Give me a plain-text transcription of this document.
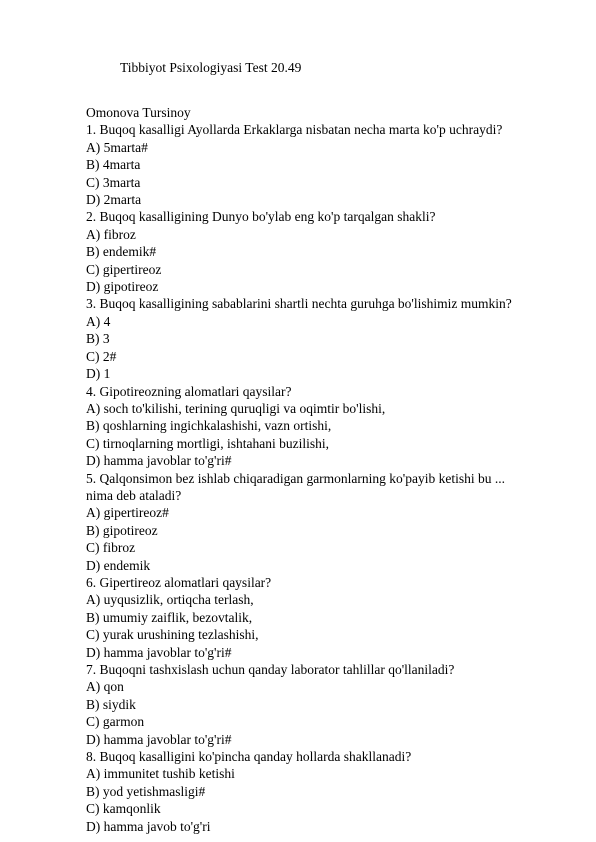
Tibbiyot Psixologiyasi Test 20.49
Omonova Tursinoy
1. Buqoq kasalligi Ayollarda Erkaklarga nisbatan necha marta ko'p uchraydi?
A) 5marta#
B) 4marta
C) 3marta
D) 2marta
2. Buqoq kasalligining Dunyo bo'ylab eng ko'p tarqalgan shakli?
A) fibroz
B) endemik#
C) gipertireoz
D) gipotireoz
3. Buqoq kasalligining sabablarini shartli nechta guruhga bo'lishimiz mumkin?
A) 4
B) 3
C) 2#
D) 1
4. Gipotireozning alomatlari qaysilar?
A) soch to'kilishi, terining quruqligi va oqimtir bo'lishi,
B) qoshlarning ingichkalashishi, vazn ortishi,
C) tirnoqlarning mortligi, ishtahani buzilishi,
D) hamma javoblar to'g'ri#
5. Qalqonsimon bez ishlab chiqaradigan garmonlarning ko'payib ketishi bu ...
nima deb ataladi?
A) gipertireoz#
B) gipotireoz
C) fibroz
D) endemik
6. Gipertireoz alomatlari qaysilar?
A) uyqusizlik, ortiqcha terlash,
B) umumiy zaiflik, bezovtalik,
C) yurak urushining tezlashishi,
D) hamma javoblar to'g'ri#
7. Buqoqni tashxislash uchun qanday laborator tahlillar qo'llaniladi?
A) qon
B) siydik
C) garmon
D) hamma javoblar to'g'ri#
8. Buqoq kasalligini ko'pincha qanday hollarda shakllanadi?
A) immunitet tushib ketishi
B) yod yetishmasligi#
C) kamqonlik
D) hamma javob to'g'ri
